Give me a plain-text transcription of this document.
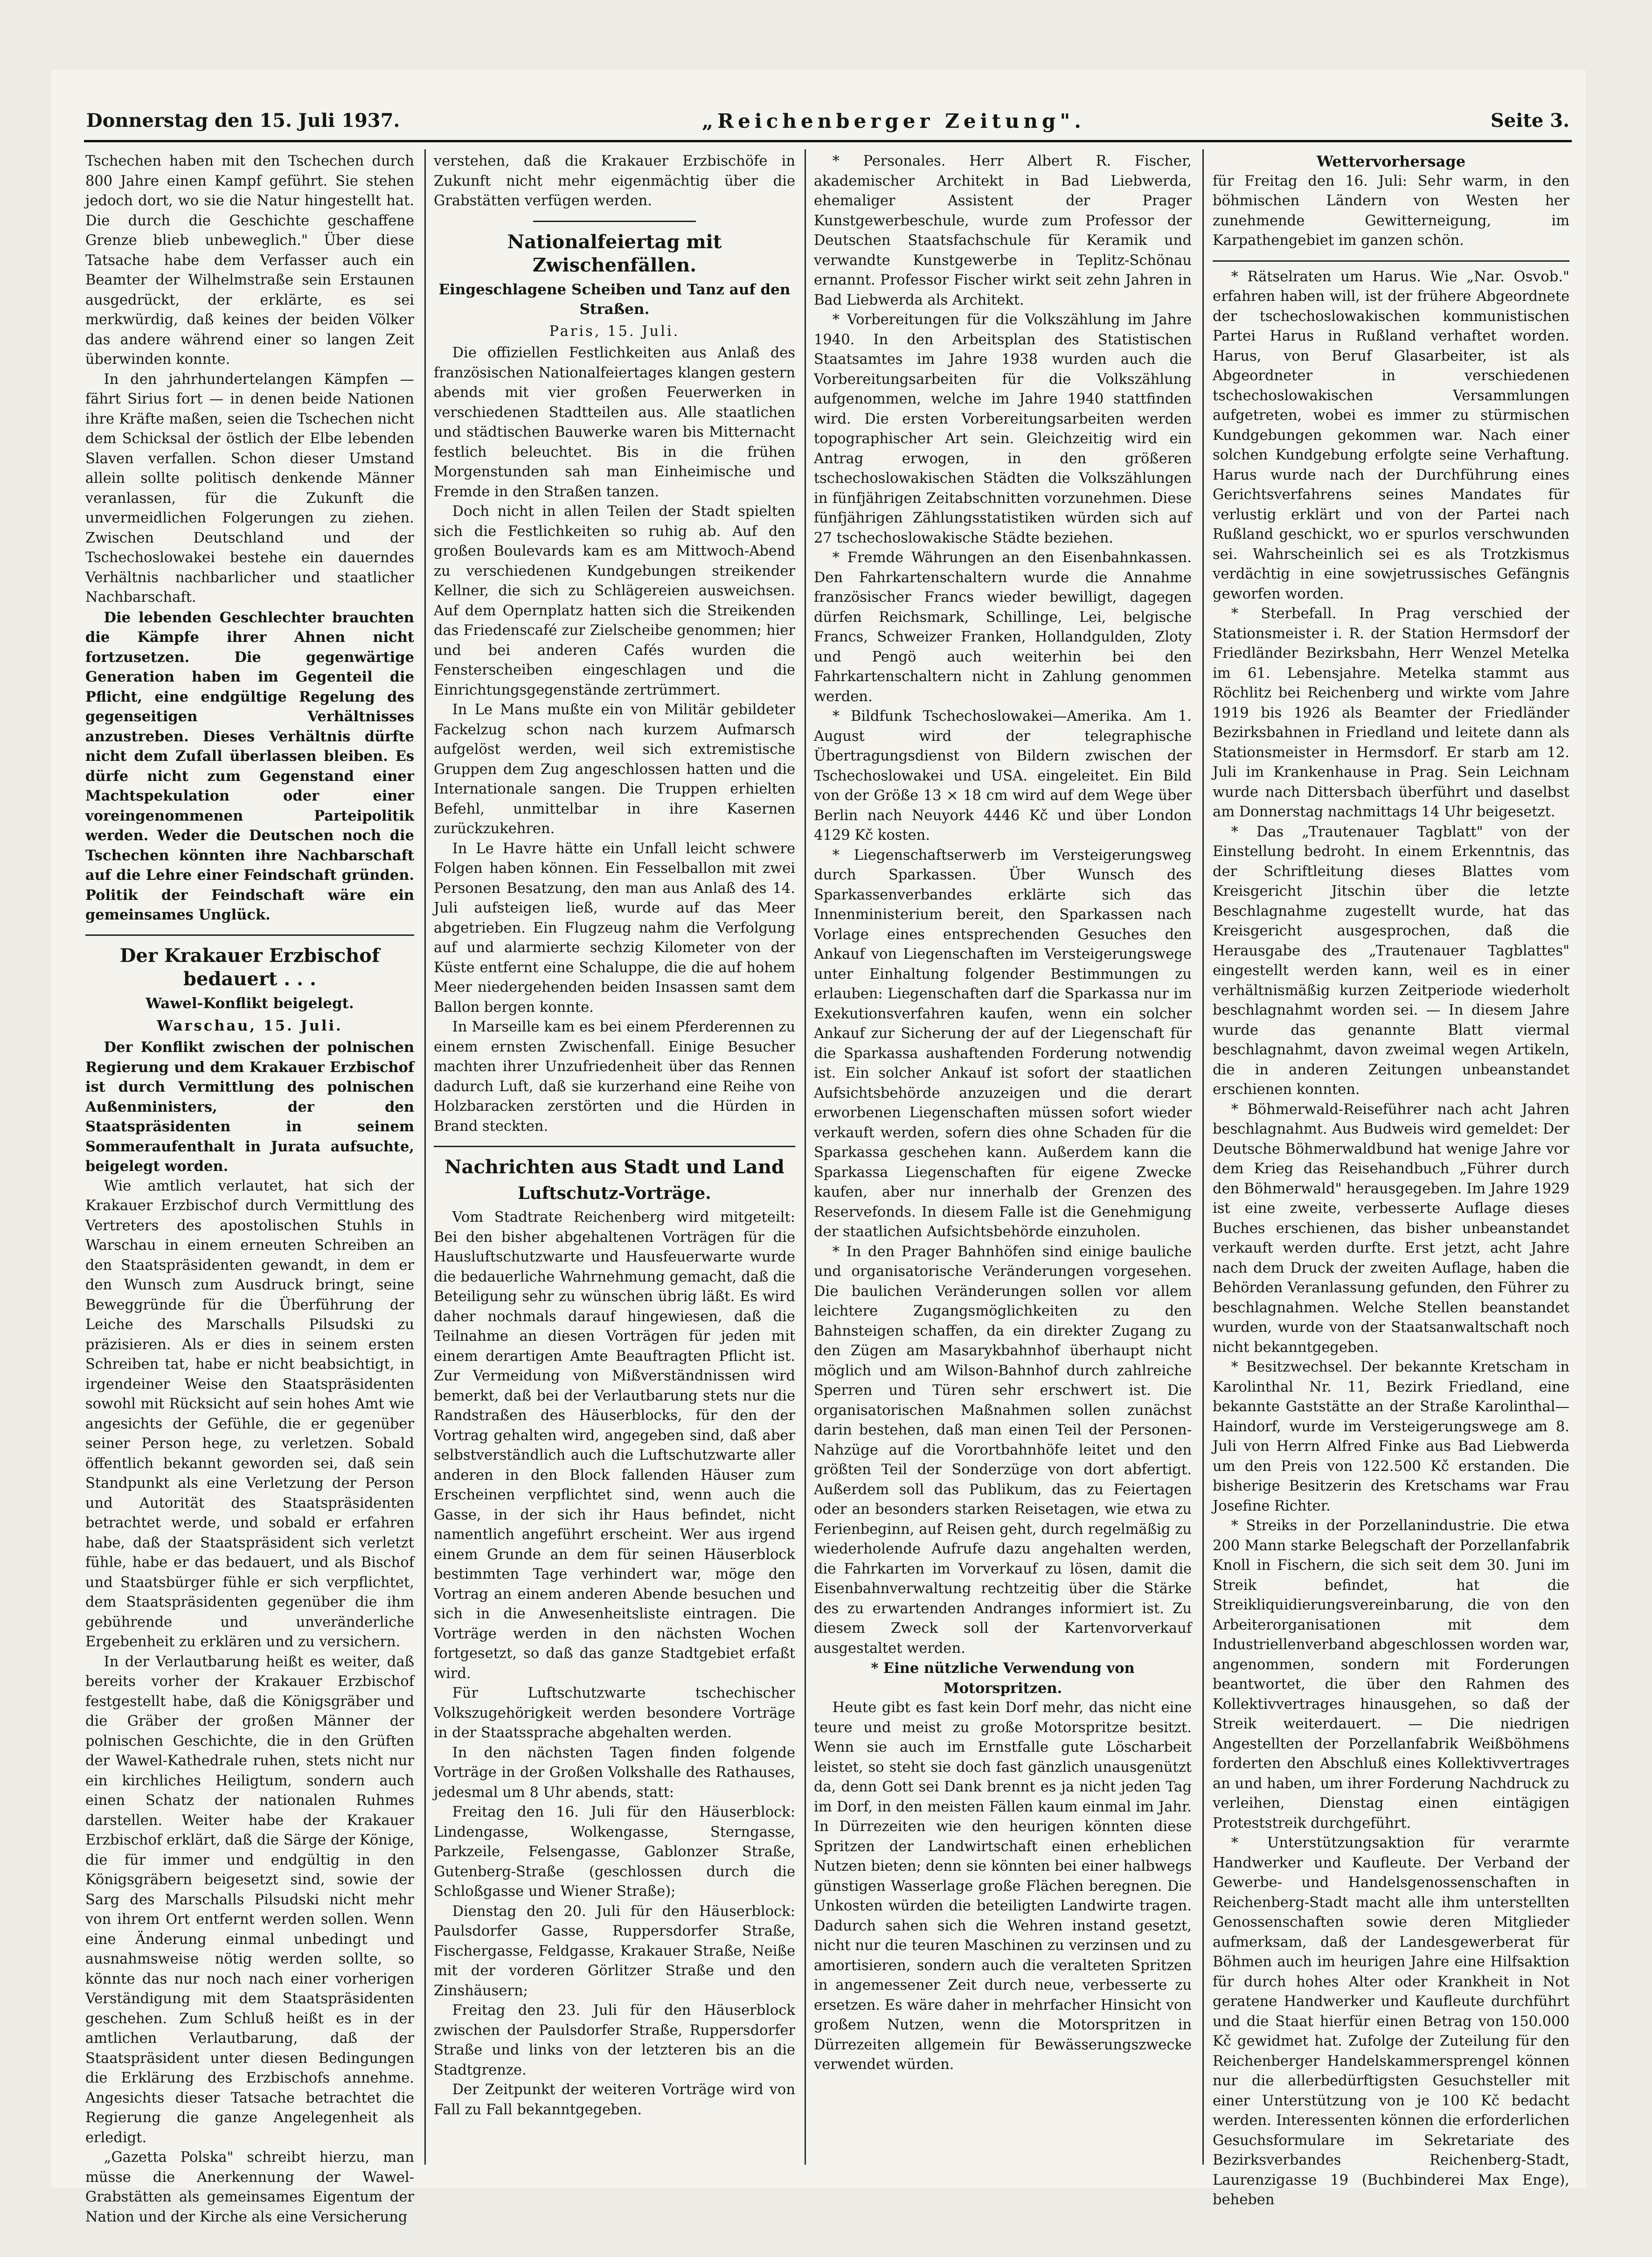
Donnerstag den 15. Juli 1937.	„Reichenberger Zeitung".	Seite 3.

Tschechen haben mit den Tschechen durch 800 Jahre einen Kampf geführt. Sie stehen jedoch dort, wo sie die Natur hingestellt hat. Die durch die Geschichte geschaffene Grenze blieb unbeweglich." Über diese Tatsache habe dem Verfasser auch ein Beamter der Wilhelmstraße sein Erstaunen ausgedrückt, der erklärte, es sei merkwürdig, daß keines der beiden Völker das andere während einer so langen Zeit überwinden konnte.

In den jahrhundertelangen Kämpfen — fährt Sirius fort — in denen beide Nationen ihre Kräfte maßen, seien die Tschechen nicht dem Schicksal der östlich der Elbe lebenden Slaven verfallen. Schon dieser Umstand allein sollte politisch denkende Männer veranlassen, für die Zukunft die unvermeidlichen Folgerungen zu ziehen. Zwischen Deutschland und der Tschechoslowakei bestehe ein dauerndes Verhältnis nachbarlicher und staatlicher Nachbarschaft.

Die lebenden Geschlechter brauchten die Kämpfe ihrer Ahnen nicht fortzusetzen. Die gegenwärtige Generation haben im Gegenteil die Pflicht, eine endgültige Regelung des gegenseitigen Verhältnisses anzustreben. Dieses Verhältnis dürfte nicht dem Zufall überlassen bleiben. Es dürfe nicht zum Gegenstand einer Machtspekulation oder einer voreingenommenen Parteipolitik werden. Weder die Deutschen noch die Tschechen könnten ihre Nachbarschaft auf die Lehre einer Feindschaft gründen. Politik der Feindschaft wäre ein gemeinsames Unglück.

Der Krakauer Erzbischof bedauert . . .
Wawel-Konflikt beigelegt.
Warschau, 15. Juli.

Der Konflikt zwischen der polnischen Regierung und dem Krakauer Erzbischof ist durch Vermittlung des polnischen Außenministers, der den Staatspräsidenten in seinem Sommeraufenthalt in Jurata aufsuchte, beigelegt worden.

Wie amtlich verlautet, hat sich der Krakauer Erzbischof durch Vermittlung des Vertreters des apostolischen Stuhls in Warschau in einem erneuten Schreiben an den Staatspräsidenten gewandt, in dem er den Wunsch zum Ausdruck bringt, seine Beweggründe für die Überführung der Leiche des Marschalls Pilsudski zu präzisieren. Als er dies in seinem ersten Schreiben tat, habe er nicht beabsichtigt, in irgendeiner Weise den Staatspräsidenten sowohl mit Rücksicht auf sein hohes Amt wie angesichts der Gefühle, die er gegenüber seiner Person hege, zu verletzen. Sobald öffentlich bekannt geworden sei, daß sein Standpunkt als eine Verletzung der Person und Autorität des Staatspräsidenten betrachtet werde, und sobald er erfahren habe, daß der Staatspräsident sich verletzt fühle, habe er das bedauert, und als Bischof und Staatsbürger fühle er sich verpflichtet, dem Staatspräsidenten gegenüber die ihm gebührende und unveränderliche Ergebenheit zu erklären und zu versichern.

In der Verlautbarung heißt es weiter, daß bereits vorher der Krakauer Erzbischof festgestellt habe, daß die Königsgräber und die Gräber der großen Männer der polnischen Geschichte, die in den Grüften der Wawel-Kathedrale ruhen, stets nicht nur ein kirchliches Heiligtum, sondern auch einen Schatz der nationalen Ruhmes darstellen. Weiter habe der Krakauer Erzbischof erklärt, daß die Särge der Könige, die für immer und endgültig in den Königsgräbern beigesetzt sind, sowie der Sarg des Marschalls Pilsudski nicht mehr von ihrem Ort entfernt werden sollen. Wenn eine Änderung einmal unbedingt und ausnahmsweise nötig werden sollte, so könnte das nur noch nach einer vorherigen Verständigung mit dem Staatspräsidenten geschehen. Zum Schluß heißt es in der amtlichen Verlautbarung, daß der Staatspräsident unter diesen Bedingungen die Erklärung des Erzbischofs annehme. Angesichts dieser Tatsache betrachtet die Regierung die ganze Angelegenheit als erledigt.

„Gazetta Polska" schreibt hierzu, man müsse die Anerkennung der Wawel-Grabstätten als gemeinsames Eigentum der Nation und der Kirche als eine Versicherung

verstehen, daß die Krakauer Erzbischöfe in Zukunft nicht mehr eigenmächtig über die Grabstätten verfügen werden.

Nationalfeiertag mit Zwischenfällen.
Eingeschlagene Scheiben und Tanz auf den Straßen.
Paris, 15. Juli.

Die offiziellen Festlichkeiten aus Anlaß des französischen Nationalfeiertages klangen gestern abends mit vier großen Feuerwerken in verschiedenen Stadtteilen aus. Alle staatlichen und städtischen Bauwerke waren bis Mitternacht festlich beleuchtet. Bis in die frühen Morgenstunden sah man Einheimische und Fremde in den Straßen tanzen.

Doch nicht in allen Teilen der Stadt spielten sich die Festlichkeiten so ruhig ab. Auf den großen Boulevards kam es am Mittwoch-Abend zu verschiedenen Kundgebungen streikender Kellner, die sich zu Schlägereien ausweichsen. Auf dem Opernplatz hatten sich die Streikenden das Friedenscafé zur Zielscheibe genommen; hier und bei anderen Cafés wurden die Fensterscheiben eingeschlagen und die Einrichtungsgegenstände zertrümmert.

In Le Mans mußte ein von Militär gebildeter Fackelzug schon nach kurzem Aufmarsch aufgelöst werden, weil sich extremistische Gruppen dem Zug angeschlossen hatten und die Internationale sangen. Die Truppen erhielten Befehl, unmittelbar in ihre Kasernen zurückzukehren.

In Le Havre hätte ein Unfall leicht schwere Folgen haben können. Ein Fesselballon mit zwei Personen Besatzung, den man aus Anlaß des 14. Juli aufsteigen ließ, wurde auf das Meer abgetrieben. Ein Flugzeug nahm die Verfolgung auf und alarmierte sechzig Kilometer von der Küste entfernt eine Schaluppe, die die auf hohem Meer niedergehenden beiden Insassen samt dem Ballon bergen konnte.

In Marseille kam es bei einem Pferderennen zu einem ernsten Zwischenfall. Einige Besucher machten ihrer Unzufriedenheit über das Rennen dadurch Luft, daß sie kurzerhand eine Reihe von Holzbaracken zerstörten und die Hürden in Brand steckten.

Nachrichten aus Stadt und Land
Luftschutz-Vorträge.

Vom Stadtrate Reichenberg wird mitgeteilt: Bei den bisher abgehaltenen Vorträgen für die Hausluftschutzwarte und Hausfeuerwarte wurde die bedauerliche Wahrnehmung gemacht, daß die Beteiligung sehr zu wünschen übrig läßt. Es wird daher nochmals darauf hingewiesen, daß die Teilnahme an diesen Vorträgen für jeden mit einem derartigen Amte Beauftragten Pflicht ist. Zur Vermeidung von Mißverständnissen wird bemerkt, daß bei der Verlautbarung stets nur die Randstraßen des Häuserblocks, für den der Vortrag gehalten wird, angegeben sind, daß aber selbstverständlich auch die Luftschutzwarte aller anderen in den Block fallenden Häuser zum Erscheinen verpflichtet sind, wenn auch die Gasse, in der sich ihr Haus befindet, nicht namentlich angeführt erscheint. Wer aus irgend einem Grunde an dem für seinen Häuserblock bestimmten Tage verhindert war, möge den Vortrag an einem anderen Abende besuchen und sich in die Anwesenheitsliste eintragen. Die Vorträge werden in den nächsten Wochen fortgesetzt, so daß das ganze Stadtgebiet erfaßt wird.

Für Luftschutzwarte tschechischer Volkszugehörigkeit werden besondere Vorträge in der Staatssprache abgehalten werden.

In den nächsten Tagen finden folgende Vorträge in der Großen Volkshalle des Rathauses, jedesmal um 8 Uhr abends, statt:

Freitag den 16. Juli für den Häuserblock: Lindengasse, Wolkengasse, Sterngasse, Parkzeile, Felsengasse, Gablonzer Straße, Gutenberg-Straße (geschlossen durch die Schloßgasse und Wiener Straße);

Dienstag den 20. Juli für den Häuserblock: Paulsdorfer Gasse, Ruppersdorfer Straße, Fischergasse, Feldgasse, Krakauer Straße, Neiße mit der vorderen Görlitzer Straße und den Zinshäusern;

Freitag den 23. Juli für den Häuserblock zwischen der Paulsdorfer Straße, Ruppersdorfer Straße und links von der letzteren bis an die Stadtgrenze.

Der Zeitpunkt der weiteren Vorträge wird von Fall zu Fall bekanntgegeben.

* Personales. Herr Albert R. Fischer, akademischer Architekt in Bad Liebwerda, ehemaliger Assistent der Prager Kunstgewerbeschule, wurde zum Professor der Deutschen Staatsfachschule für Keramik und verwandte Kunstgewerbe in Teplitz-Schönau ernannt. Professor Fischer wirkt seit zehn Jahren in Bad Liebwerda als Architekt.

* Vorbereitungen für die Volkszählung im Jahre 1940. In den Arbeitsplan des Statistischen Staatsamtes im Jahre 1938 wurden auch die Vorbereitungsarbeiten für die Volkszählung aufgenommen, welche im Jahre 1940 stattfinden wird. Die ersten Vorbereitungsarbeiten werden topographischer Art sein. Gleichzeitig wird ein Antrag erwogen, in den größeren tschechoslowakischen Städten die Volkszählungen in fünfjährigen Zeitabschnitten vorzunehmen. Diese fünfjährigen Zählungsstatistiken würden sich auf 27 tschechoslowakische Städte beziehen.

* Fremde Währungen an den Eisenbahnkassen. Den Fahrkartenschaltern wurde die Annahme französischer Francs wieder bewilligt, dagegen dürfen Reichsmark, Schillinge, Lei, belgische Francs, Schweizer Franken, Hollandgulden, Zloty und Pengö auch weiterhin bei den Fahrkartenschaltern nicht in Zahlung genommen werden.

* Bildfunk Tschechoslowakei—Amerika. Am 1. August wird der telegraphische Übertragungsdienst von Bildern zwischen der Tschechoslowakei und USA. eingeleitet. Ein Bild von der Größe 13 × 18 cm wird auf dem Wege über Berlin nach Neuyork 4446 Kč und über London 4129 Kč kosten.

* Liegenschaftserwerb im Versteigerungsweg durch Sparkassen. Über Wunsch des Sparkassenverbandes erklärte sich das Innenministerium bereit, den Sparkassen nach Vorlage eines entsprechenden Gesuches den Ankauf von Liegenschaften im Versteigerungswege unter Einhaltung folgender Bestimmungen zu erlauben: Liegenschaften darf die Sparkassa nur im Exekutionsverfahren kaufen, wenn ein solcher Ankauf zur Sicherung der auf der Liegenschaft für die Sparkassa aushaftenden Forderung notwendig ist. Ein solcher Ankauf ist sofort der staatlichen Aufsichtsbehörde anzuzeigen und die derart erworbenen Liegenschaften müssen sofort wieder verkauft werden, sofern dies ohne Schaden für die Sparkassa geschehen kann. Außerdem kann die Sparkassa Liegenschaften für eigene Zwecke kaufen, aber nur innerhalb der Grenzen des Reservefonds. In diesem Falle ist die Genehmigung der staatlichen Aufsichtsbehörde einzuholen.

* In den Prager Bahnhöfen sind einige bauliche und organisatorische Veränderungen vorgesehen. Die baulichen Veränderungen sollen vor allem leichtere Zugangsmöglichkeiten zu den Bahnsteigen schaffen, da ein direkter Zugang zu den Zügen am Masarykbahnhof überhaupt nicht möglich und am Wilson-Bahnhof durch zahlreiche Sperren und Türen sehr erschwert ist. Die organisatorischen Maßnahmen sollen zunächst darin bestehen, daß man einen Teil der Personen-Nahzüge auf die Vorortbahnhöfe leitet und den größten Teil der Sonderzüge von dort abfertigt. Außerdem soll das Publikum, das zu Feiertagen oder an besonders starken Reisetagen, wie etwa zu Ferienbeginn, auf Reisen geht, durch regelmäßig zu wiederholende Aufrufe dazu angehalten werden, die Fahrkarten im Vorverkauf zu lösen, damit die Eisenbahnverwaltung rechtzeitig über die Stärke des zu erwartenden Andranges informiert ist. Zu diesem Zweck soll der Kartenvorverkauf ausgestaltet werden.

* Eine nützliche Verwendung von Motorspritzen.

Heute gibt es fast kein Dorf mehr, das nicht eine teure und meist zu große Motorspritze besitzt. Wenn sie auch im Ernstfalle gute Löscharbeit leistet, so steht sie doch fast gänzlich unausgenützt da, denn Gott sei Dank brennt es ja nicht jeden Tag im Dorf, in den meisten Fällen kaum einmal im Jahr. In Dürrezeiten wie den heurigen könnten diese Spritzen der Landwirtschaft einen erheblichen Nutzen bieten; denn sie könnten bei einer halbwegs günstigen Wasserlage große Flächen beregnen. Die Unkosten würden die beteiligten Landwirte tragen. Dadurch sahen sich die Wehren instand gesetzt, nicht nur die teuren Maschinen zu verzinsen und zu amortisieren, sondern auch die veralteten Spritzen in angemessener Zeit durch neue, verbesserte zu ersetzen. Es wäre daher in mehrfacher Hinsicht von großem Nutzen, wenn die Motorspritzen in Dürrezeiten allgemein für Bewässerungszwecke verwendet würden.

Wettervorhersage

für Freitag den 16. Juli: Sehr warm, in den böhmischen Ländern von Westen her zunehmende Gewitterneigung, im Karpathengebiet im ganzen schön.

* Rätselraten um Harus. Wie „Nar. Osvob." erfahren haben will, ist der frühere Abgeordnete der tschechoslowakischen kommunistischen Partei Harus in Rußland verhaftet worden. Harus, von Beruf Glasarbeiter, ist als Abgeordneter in verschiedenen tschechoslowakischen Versammlungen aufgetreten, wobei es immer zu stürmischen Kundgebungen gekommen war. Nach einer solchen Kundgebung erfolgte seine Verhaftung. Harus wurde nach der Durchführung eines Gerichtsverfahrens seines Mandates für verlustig erklärt und von der Partei nach Rußland geschickt, wo er spurlos verschwunden sei. Wahrscheinlich sei es als Trotzkismus verdächtig in eine sowjetrussisches Gefängnis geworfen worden.

* Sterbefall. In Prag verschied der Stationsmeister i. R. der Station Hermsdorf der Friedländer Bezirksbahn, Herr Wenzel Metelka im 61. Lebensjahre. Metelka stammt aus Röchlitz bei Reichenberg und wirkte vom Jahre 1919 bis 1926 als Beamter der Friedländer Bezirksbahnen in Friedland und leitete dann als Stationsmeister in Hermsdorf. Er starb am 12. Juli im Krankenhause in Prag. Sein Leichnam wurde nach Dittersbach überführt und daselbst am Donnerstag nachmittags 14 Uhr beigesetzt.

* Das „Trautenauer Tagblatt" von der Einstellung bedroht. In einem Erkenntnis, das der Schriftleitung dieses Blattes vom Kreisgericht Jitschin über die letzte Beschlagnahme zugestellt wurde, hat das Kreisgericht ausgesprochen, daß die Herausgabe des „Trautenauer Tagblattes" eingestellt werden kann, weil es in einer verhältnismäßig kurzen Zeitperiode wiederholt beschlagnahmt worden sei. — In diesem Jahre wurde das genannte Blatt viermal beschlagnahmt, davon zweimal wegen Artikeln, die in anderen Zeitungen unbeanstandet erschienen konnten.

* Böhmerwald-Reiseführer nach acht Jahren beschlagnahmt. Aus Budweis wird gemeldet: Der Deutsche Böhmerwaldbund hat wenige Jahre vor dem Krieg das Reisehandbuch „Führer durch den Böhmerwald" herausgegeben. Im Jahre 1929 ist eine zweite, verbesserte Auflage dieses Buches erschienen, das bisher unbeanstandet verkauft werden durfte. Erst jetzt, acht Jahre nach dem Druck der zweiten Auflage, haben die Behörden Veranlassung gefunden, den Führer zu beschlagnahmen. Welche Stellen beanstandet wurden, wurde von der Staatsanwaltschaft noch nicht bekanntgegeben.

* Besitzwechsel. Der bekannte Kretscham in Karolinthal Nr. 11, Bezirk Friedland, eine bekannte Gaststätte an der Straße Karolinthal—Haindorf, wurde im Versteigerungswege am 8. Juli von Herrn Alfred Finke aus Bad Liebwerda um den Preis von 122.500 Kč erstanden. Die bisherige Besitzerin des Kretschams war Frau Josefine Richter.

* Streiks in der Porzellanindustrie. Die etwa 200 Mann starke Belegschaft der Porzellanfabrik Knoll in Fischern, die sich seit dem 30. Juni im Streik befindet, hat die Streikliquidierungsvereinbarung, die von den Arbeiterorganisationen mit dem Industriellenverband abgeschlossen worden war, angenommen, sondern mit Forderungen beantwortet, die über den Rahmen des Kollektivvertrages hinausgehen, so daß der Streik weiterdauert. — Die niedrigen Angestellten der Porzellanfabrik Weißböhmens forderten den Abschluß eines Kollektivvertrages an und haben, um ihrer Forderung Nachdruck zu verleihen, Dienstag einen eintägigen Proteststreik durchgeführt.

* Unterstützungsaktion für verarmte Handwerker und Kaufleute. Der Verband der Gewerbe- und Handelsgenossenschaften in Reichenberg-Stadt macht alle ihm unterstellten Genossenschaften sowie deren Mitglieder aufmerksam, daß der Landesgewerberat für Böhmen auch im heurigen Jahre eine Hilfsaktion für durch hohes Alter oder Krankheit in Not geratene Handwerker und Kaufleute durchführt und die Staat hierfür einen Betrag von 150.000 Kč gewidmet hat. Zufolge der Zuteilung für den Reichenberger Handelskammersprengel können nur die allerbedürftigsten Gesuchsteller mit einer Unterstützung von je 100 Kč bedacht werden. Interessenten können die erforderlichen Gesuchsformulare im Sekretariate des Bezirksverbandes Reichenberg-Stadt, Laurenzigasse 19 (Buchbinderei Max Enge), beheben
